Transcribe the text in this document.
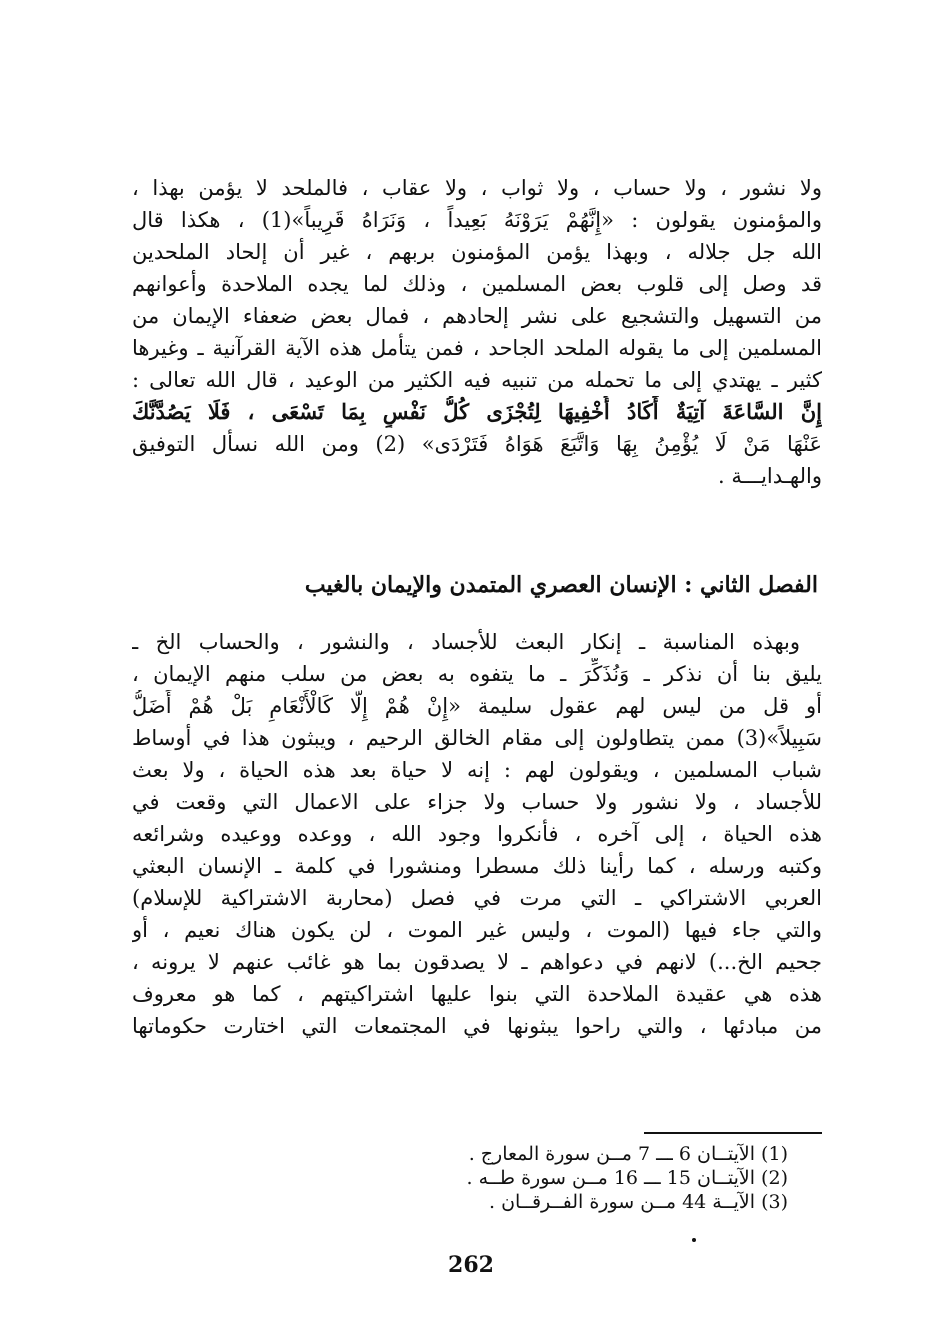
ولا نشور ، ولا حساب ، ولا ثواب ، ولا عقاب ، فالملحد لا يؤمن بهذا ،
والمؤمنون يقولون : «إِنَّهُمْ يَرَوْنَهُ بَعِيداً ، وَنَرَاهُ قَرِيباً»(1) ، هكذا قال
الله جل جلاله ، وبهذا يؤمن المؤمنون بربهم ، غير أن إلحاد الملحدين
قد وصل إلى قلوب بعض المسلمين ، وذلك لما يجده الملاحدة وأعوانهم
من التسهيل والتشجيع على نشر إلحادهم ، فمال بعض ضعفاء الإيمان من
المسلمين إلى ما يقوله الملحد الجاحد ، فمن يتأمل هذه الآية القرآنية ـ وغيرها
كثير ـ يهتدي إلى ما تحمله من تنبيه فيه الكثير من الوعيد ، قال الله تعالى :
إِنَّ السَّاعَةَ آتِيَةٌ أَكَادُ أُخْفِيهَا لِتُجْزَى كُلُّ نَفْسٍ بِمَا تَسْعَى ، فَلَا يَصُدَّنَّكَ
عَنْهَا مَنْ لَا يُؤْمِنُ بِهَا وَاتَّبَعَ هَوَاهُ فَتَرْدَى» (2) ومن الله نسأل التوفيق
والهـدايـــة .
الفصل الثاني : الإنسان العصري المتمدن والإيمان بالغيب
وبهذه المناسبة ـ إنكار البعث للأجساد ، والنشور ، والحساب الخ ـ
يليق بنا أن نذكر ـ وَنُذَكِّرَ ـ ما يتفوه به بعض من سلب منهم الإيمان ،
أو قل من ليس لهم عقول سليمة «إِنْ هُمْ إِلَّا كَالْأَنْعَامِ بَلْ هُمْ أَضَلُّ
سَبِيلاً»(3) ممن يتطاولون إلى مقام الخالق الرحيم ، ويبثون هذا في أوساط
شباب المسلمين ، ويقولون لهم : إنه لا حياة بعد هذه الحياة ، ولا بعث
للأجساد ، ولا نشور ولا حساب ولا جزاء على الاعمال التي وقعت في
هذه الحياة ، إلى آخره ، فأنكروا وجود الله ، ووعده ووعيده وشرائعه
وكتبه ورسله ، كما رأينا ذلك مسطرا ومنشورا في كلمة ـ الإنسان البعثي
العربي الاشتراكي ـ التي مرت في فصل (محاربة الاشتراكية للإسلام)
والتي جاء فيها (الموت ، وليس غير الموت ، لن يكون هناك نعيم ، أو
جحيم الخ...) لانهم في دعواهم ـ لا يصدقون بما هو غائب عنهم لا يرونه ،
هذه هي عقيدة الملاحدة التي بنوا عليها اشتراكيتهم ، كما هو معروف
من مبادئها ، والتي راحوا يبثونها في المجتمعات التي اختارت حكوماتها
(1) الآيتــان 6 ـــ 7 مــن سورة المعارج .
(2) الآيتــان 15 ـــ 16 مــن سورة طــه .
(3) الآيــة 44 مــن سورة الفــرقــان .
262
